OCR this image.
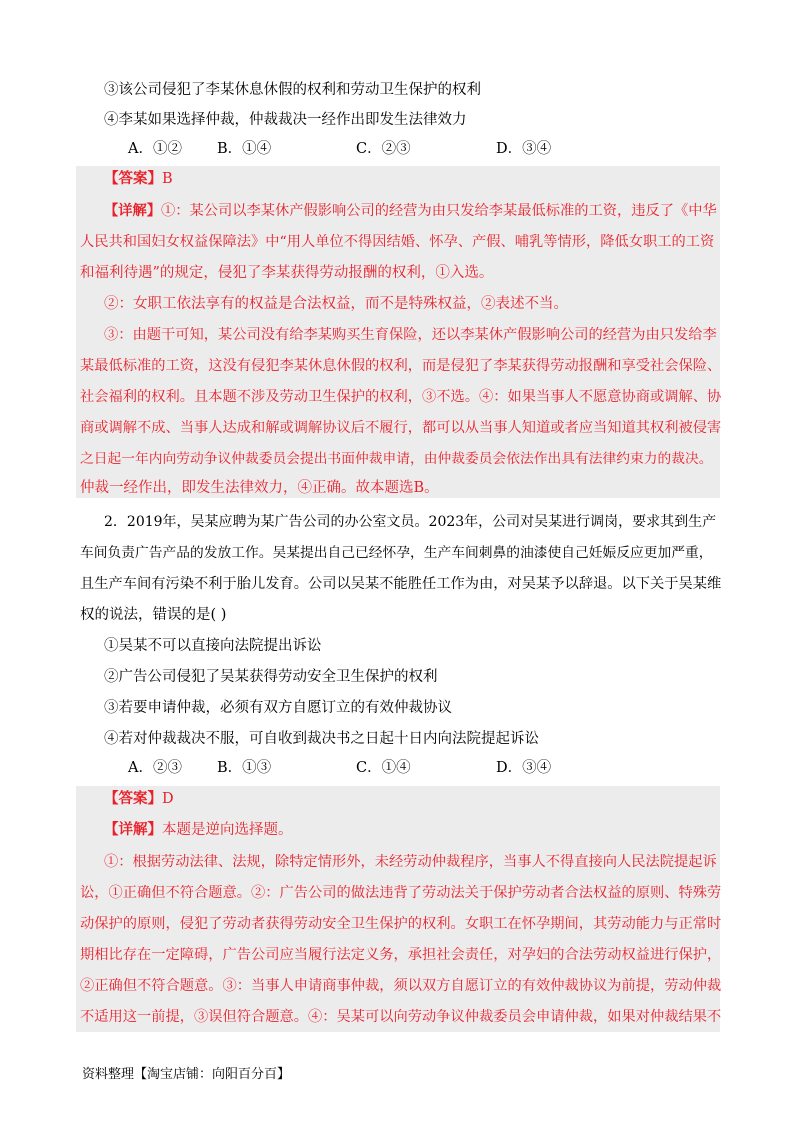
③该公司侵犯了李某休息休假的权利和劳动卫生保护的权利
④李某如果选择仲裁，仲裁裁决一经作出即发生法律效力
A．①② B．①④	C．②③	D．③④
【答案】B
【详解】①：某公司以李某休产假影响公司的经营为由只发给李某最低标准的工资，违反了《中华
人民共和国妇女权益保障法》中“用人单位不得因结婚、怀孕、产假、哺乳等情形，降低女职工的工资
和福利待遇”的规定，侵犯了李某获得劳动报酬的权利，①入选。
②：女职工依法享有的权益是合法权益，而不是特殊权益，②表述不当。
③：由题干可知，某公司没有给李某购买生育保险，还以李某休产假影响公司的经营为由只发给李
某最低标准的工资，这没有侵犯李某休息休假的权利，而是侵犯了李某获得劳动报酬和享受社会保险、
社会福利的权利。且本题不涉及劳动卫生保护的权利，③不选。④：如果当事人不愿意协商或调解、协
商或调解不成、当事人达成和解或调解协议后不履行，都可以从当事人知道或者应当知道其权利被侵害
之日起一年内向劳动争议仲裁委员会提出书面仲裁申请，由仲裁委员会依法作出具有法律约束力的裁决。
仲裁一经作出，即发生法律效力，④正确。故本题选B。
2．2019年，吴某应聘为某广告公司的办公室文员。2023年，公司对吴某进行调岗，要求其到生产
车间负责广告产品的发放工作。吴某提出自己已经怀孕，生产车间刺鼻的油漆使自己妊娠反应更加严重，
且生产车间有污染不利于胎儿发育。公司以吴某不能胜任工作为由，对吴某予以辞退。以下关于吴某维
权的说法，错误的是( )
①吴某不可以直接向法院提出诉讼
②广告公司侵犯了吴某获得劳动安全卫生保护的权利
③若要申请仲裁，必须有双方自愿订立的有效仲裁协议
④若对仲裁裁决不服，可自收到裁决书之日起十日内向法院提起诉讼
A．②③ B．①③	C．①④	D．③④
【答案】D
【详解】本题是逆向选择题。
①：根据劳动法律、法规，除特定情形外，未经劳动仲裁程序，当事人不得直接向人民法院提起诉
讼，①正确但不符合题意。②：广告公司的做法违背了劳动法关于保护劳动者合法权益的原则、特殊劳
动保护的原则，侵犯了劳动者获得劳动安全卫生保护的权利。女职工在怀孕期间，其劳动能力与正常时
期相比存在一定障碍，广告公司应当履行法定义务，承担社会责任，对孕妇的合法劳动权益进行保护，
②正确但不符合题意。③：当事人申请商事仲裁，须以双方自愿订立的有效仲裁协议为前提，劳动仲裁
不适用这一前提，③误但符合题意。④：吴某可以向劳动争议仲裁委员会申请仲裁，如果对仲裁结果不
资料整理【淘宝店铺：向阳百分百】
